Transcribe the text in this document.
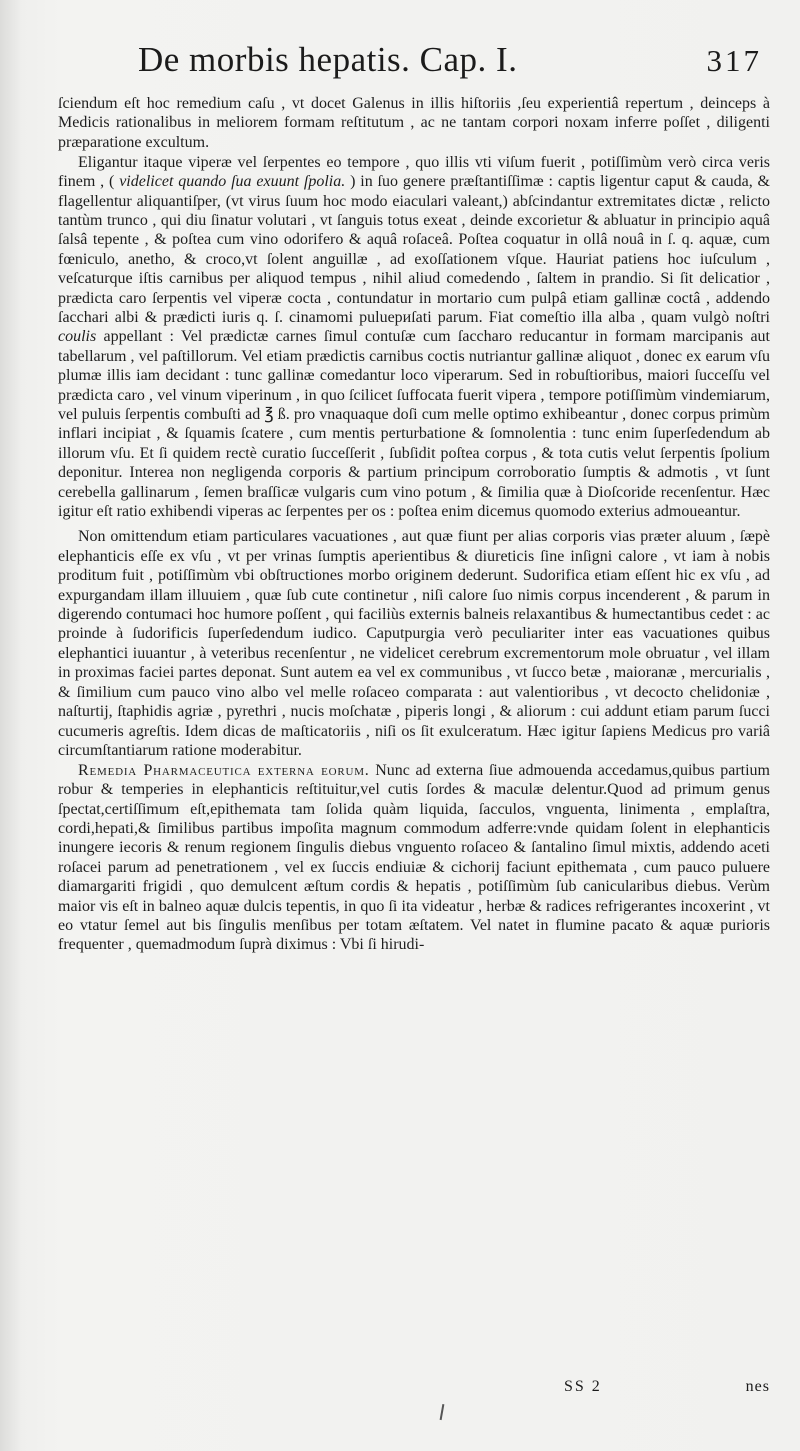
De morbis hepatis. Cap. I.	317

ſciendum eſt hoc remedium caſu , vt docet Galenus in illis hiſtoriis ,ſeu experientiâ repertum , deinceps à Medicis rationalibus in meliorem formam reſtitutum , ac ne tantam corpori noxam inferre poſſet , diligenti præparatione excultum.

Eligantur itaque viperæ vel ſerpentes eo tempore , quo illis vti viſum fuerit , potiſſimùm verò circa veris finem , ( videlicet quando ſua exuunt ſpolia. ) in ſuo genere præſtantiſſimæ : captis ligentur caput & cauda, & flagellentur aliquantiſper, (vt virus ſuum hoc modo eiaculari valeant,) abſcindantur extremitates dictæ , relicto tantùm trunco , qui diu ſinatur volutari , vt ſanguis totus exeat , deinde excorietur & abluatur in principio aquâ ſalsâ tepente , & poſtea cum vino odorifero & aquâ roſaceâ. Poſtea coquatur in ollâ nouâ in ſ. q. aquæ, cum fœniculo, anetho, & croco,vt ſolent anguillæ , ad exoſſationem vſque. Hauriat patiens hoc iuſculum , veſcaturque iſtis carnibus per aliquod tempus , nihil aliud comedendo , ſaltem in prandio. Si ſit delicatior , prædicta caro ſerpentis vel viperæ cocta , contundatur in mortario cum pulpâ etiam gallinæ coctâ , addendo ſacchari albi & prædicti iuris q. ſ. cinamomi puluериſati parum. Fiat comeſtio illa alba , quam vulgò noſtri coulis appellant : Vel prædictæ carnes ſimul contuſæ cum ſaccharo reducantur in formam marcipanis aut tabellarum , vel paſtillorum. Vel etiam prædictis carnibus coctis nutriantur gallinæ aliquot , donec ex earum vſu plumæ illis iam decidant : tunc gallinæ comedantur loco viperarum. Sed in robuſtioribus, maiori ſucceſſu vel prædicta caro , vel vinum viperinum , in quo ſcilicet ſuffocata fuerit vipera , tempore potiſſimùm vindemiarum, vel puluis ſerpentis combuſti ad ℥ ß. pro vnaquaque doſi cum melle optimo exhibeantur , donec corpus primùm inflari incipiat , & ſquamis ſcatere , cum mentis perturbatione & ſomnolentia : tunc enim ſuperſedendum ab illorum vſu. Et ſi quidem rectè curatio ſucceſſerit , ſubſidit poſtea corpus , & tota cutis velut ſerpentis ſpolium deponitur. Interea non negligenda corporis & partium principum corroboratio ſumptis & admotis , vt ſunt cerebella gallinarum , ſemen braſſicæ vulgaris cum vino potum , & ſimilia quæ à Dioſcoride recenſentur. Hæc igitur eſt ratio exhibendi viperas ac ſerpentes per os : poſtea enim dicemus quomodo exterius admoueantur.

Non omittendum etiam particulares vacuationes , aut quæ fiunt per alias corporis vias præter aluum , ſæpè elephanticis eſſe ex vſu , vt per vrinas ſumptis aperientibus & diureticis ſine inſigni calore , vt iam à nobis proditum fuit , potiſſimùm vbi obſtructiones morbo originem dederunt. Sudorifica etiam eſſent hic ex vſu , ad expurgandam illam illuuiem , quæ ſub cute continetur , niſi calore ſuo nimis corpus incenderent , & parum in digerendo contumaci hoc humore poſſent , qui faciliùs externis balneis relaxantibus & humectantibus cedet : ac proinde à ſudorificis ſuperſedendum iudico. Caputpurgia verò peculiariter inter eas vacuationes quibus elephantici iuuantur , à veteribus recenſentur , ne videlicet cerebrum excrementorum mole obruatur , vel illam in proximas faciei partes deponat. Sunt autem ea vel ex communibus , vt ſucco betæ , maioranæ , mercurialis , & ſimilium cum pauco vino albo vel melle roſaceo comparata : aut valentioribus , vt decocto chelidoniæ , naſturtij, ſtaphidis agriæ , pyrethri , nucis moſchatæ , piperis longi , & aliorum : cui addunt etiam parum ſucci cucumeris agreſtis. Idem dicas de maſticatoriis , niſi os ſit exulceratum. Hæc igitur ſapiens Medicus pro variâ circumſtantiarum ratione moderabitur.

Remedia Pharmaceutica externa eorum. Nunc ad externa ſiue admouenda accedamus,quibus partium robur & temperies in elephanticis reſtituitur,vel cutis ſordes & maculæ delentur.Quod ad primum genus ſpectat,certiſſimum eſt,epithemata tam ſolida quàm liquida, ſacculos, vnguenta, linimenta , emplaſtra, cordi,hepati,& ſimilibus partibus impoſita magnum commodum adferre:vnde quidam ſolent in elephanticis inungere iecoris & renum regionem ſingulis diebus vnguento roſaceo & ſantalino ſimul mixtis, addendo aceti roſacei parum ad penetrationem , vel ex ſuccis endiuiæ & cichorij faciunt epithemata , cum pauco puluere diamargariti frigidi , quo demulcent æſtum cordis & hepatis , potiſſimùm ſub canicularibus diebus. Verùm maior vis eſt in balneo aquæ dulcis tepentis, in quo ſi ita videatur , herbæ & radices refrigerantes incoxerint , vt eo vtatur ſemel aut bis ſingulis menſibus per totam æſtatem. Vel natet in flumine pacato & aquæ purioris frequenter , quemadmodum ſuprà diximus : Vbi ſi hirudi-

SS 2	nes
